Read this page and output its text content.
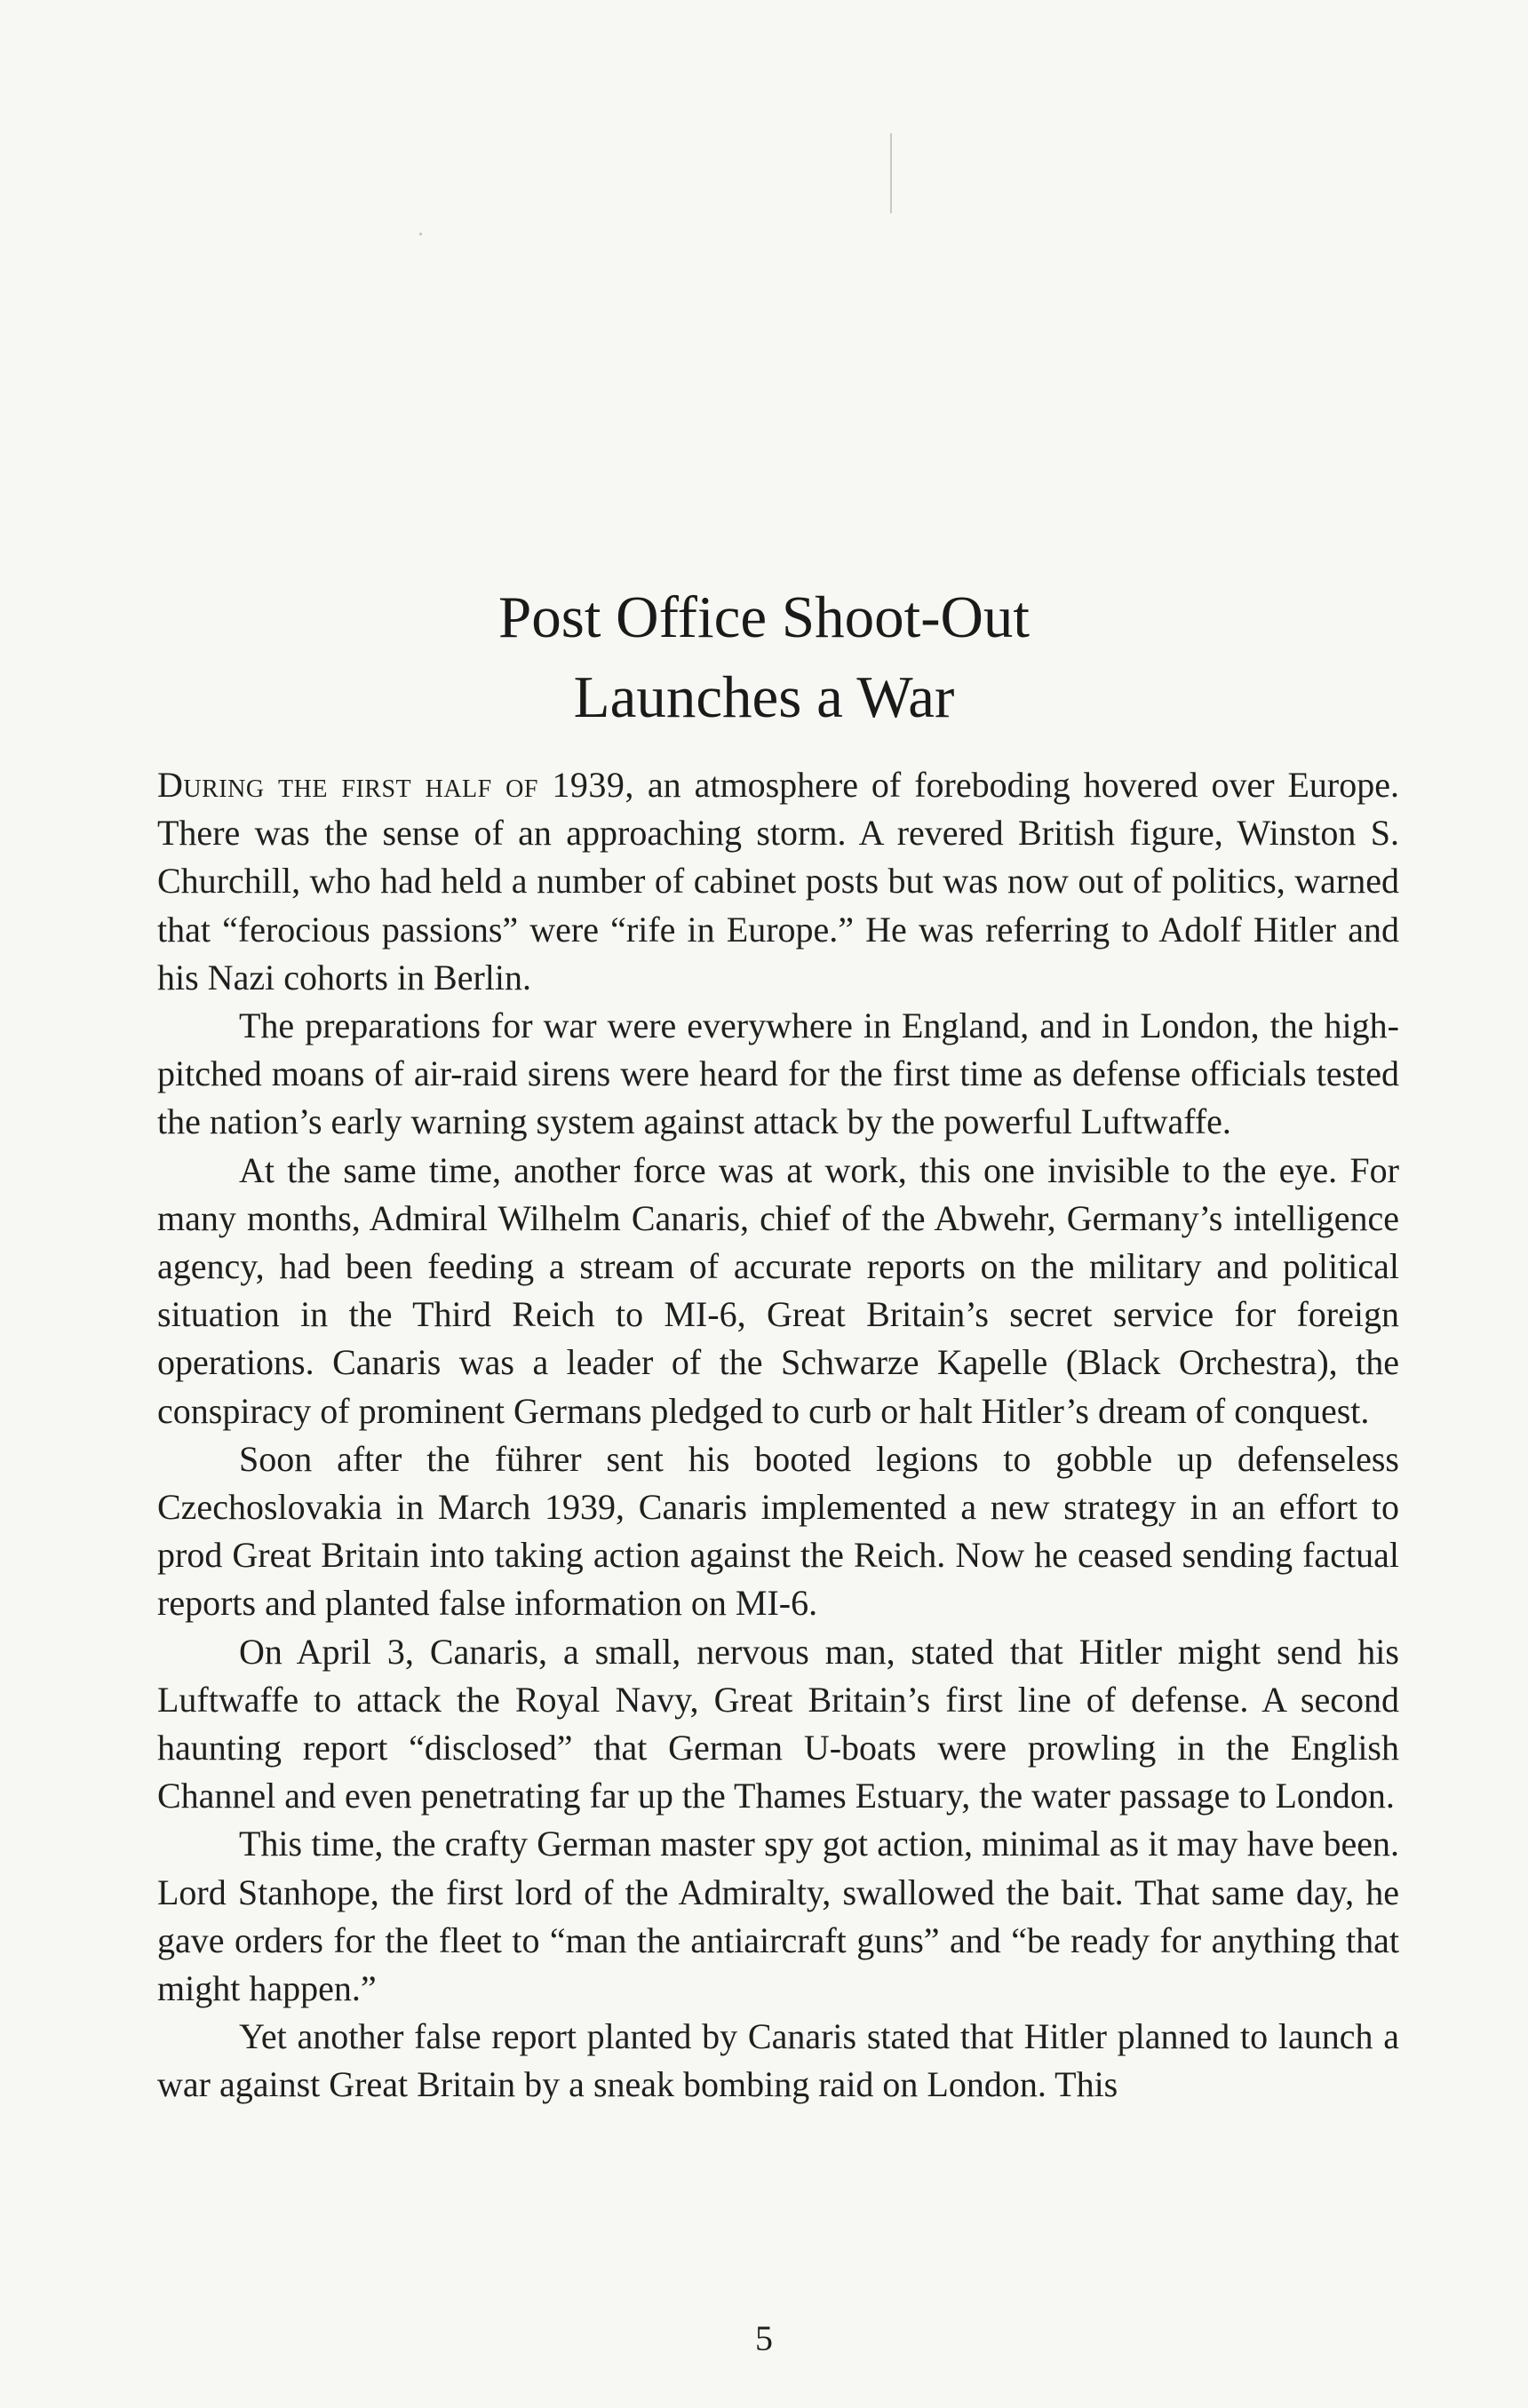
Post Office Shoot-Out
Launches a War

During the first half of 1939, an atmosphere of foreboding hovered over Europe. There was the sense of an approaching storm. A revered British figure, Winston S. Churchill, who had held a number of cabinet posts but was now out of politics, warned that “ferocious passions” were “rife in Europe.” He was referring to Adolf Hitler and his Nazi cohorts in Berlin.

The preparations for war were everywhere in England, and in London, the high-pitched moans of air-raid sirens were heard for the first time as defense officials tested the nation’s early warning system against attack by the powerful Luftwaffe.

At the same time, another force was at work, this one invisible to the eye. For many months, Admiral Wilhelm Canaris, chief of the Abwehr, Germany’s intelligence agency, had been feeding a stream of accurate reports on the military and political situation in the Third Reich to MI-6, Great Britain’s secret service for foreign operations. Canaris was a leader of the Schwarze Kapelle (Black Orchestra), the conspiracy of prominent Germans pledged to curb or halt Hitler’s dream of conquest.

Soon after the führer sent his booted legions to gobble up defenseless Czechoslovakia in March 1939, Canaris implemented a new strategy in an effort to prod Great Britain into taking action against the Reich. Now he ceased sending factual reports and planted false information on MI-6.

On April 3, Canaris, a small, nervous man, stated that Hitler might send his Luftwaffe to attack the Royal Navy, Great Britain’s first line of defense. A second haunting report “disclosed” that German U-boats were prowling in the English Channel and even penetrating far up the Thames Estuary, the water passage to London.

This time, the crafty German master spy got action, minimal as it may have been. Lord Stanhope, the first lord of the Admiralty, swallowed the bait. That same day, he gave orders for the fleet to “man the antiaircraft guns” and “be ready for anything that might happen.”

Yet another false report planted by Canaris stated that Hitler planned to launch a war against Great Britain by a sneak bombing raid on London. This

5
